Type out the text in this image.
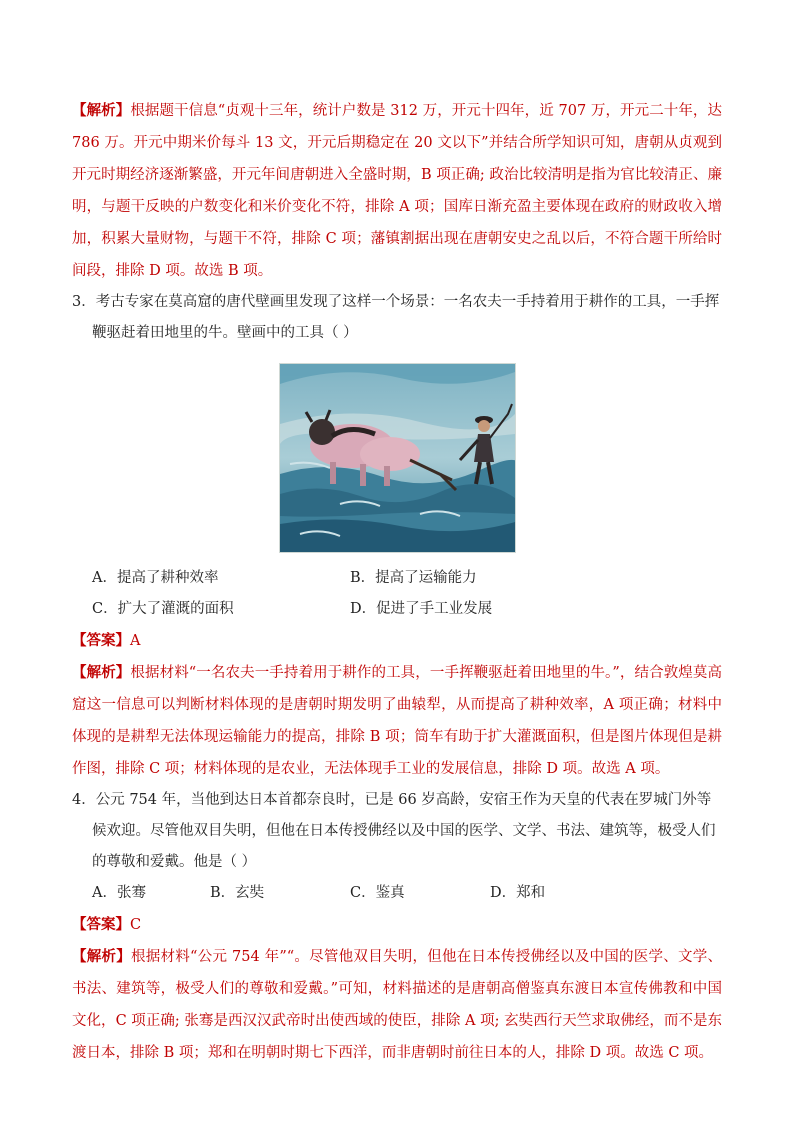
【解析】根据题干信息“贞观十三年，统计户数是 312 万，开元十四年，近 707 万，开元二十年，达 786 万。开元中期米价每斗 13 文，开元后期稳定在 20 文以下”并结合所学知识可知，唐朝从贞观到开元时期经济逐渐繁盛，开元年间唐朝进入全盛时期，B 项正确; 政治比较清明是指为官比较清正、廉明，与题干反映的户数变化和米价变化不符，排除 A 项；国库日渐充盈主要体现在政府的财政收入增加，积累大量财物，与题干不符，排除 C 项；藩镇割据出现在唐朝安史之乱以后，不符合题干所给时间段，排除 D 项。故选 B 项。

3．考古专家在莫高窟的唐代壁画里发现了这样一个场景：一名农夫一手持着用于耕作的工具，一手挥鞭驱赶着田地里的牛。壁画中的工具（ ）

A．提高了耕种效率	B．提高了运输能力
C．扩大了灌溉的面积	D．促进了手工业发展

【答案】A

【解析】根据材料“一名农夫一手持着用于耕作的工具，一手挥鞭驱赶着田地里的牛。”，结合敦煌莫高窟这一信息可以判断材料体现的是唐朝时期发明了曲辕犁，从而提高了耕种效率，A 项正确；材料中体现的是耕犁无法体现运输能力的提高，排除 B 项；筒车有助于扩大灌溉面积，但是图片体现但是耕作图，排除 C 项；材料体现的是农业，无法体现手工业的发展信息，排除 D 项。故选 A 项。

4．公元 754 年，当他到达日本首都奈良时，已是 66 岁高龄，安宿王作为天皇的代表在罗城门外等候欢迎。尽管他双目失明，但他在日本传授佛经以及中国的医学、文学、书法、建筑等，极受人们的尊敬和爱戴。他是（ ）

A．张骞	B．玄奘	C．鉴真	D．郑和

【答案】C

【解析】根据材料“公元 754 年”“。尽管他双目失明，但他在日本传授佛经以及中国的医学、文学、书法、建筑等，极受人们的尊敬和爱戴。”可知，材料描述的是唐朝高僧鉴真东渡日本宣传佛教和中国文化，C 项正确; 张骞是西汉汉武帝时出使西域的使臣，排除 A 项; 玄奘西行天竺求取佛经，而不是东渡日本，排除 B 项；郑和在明朝时期七下西洋，而非唐朝时前往日本的人，排除 D 项。故选 C 项。
